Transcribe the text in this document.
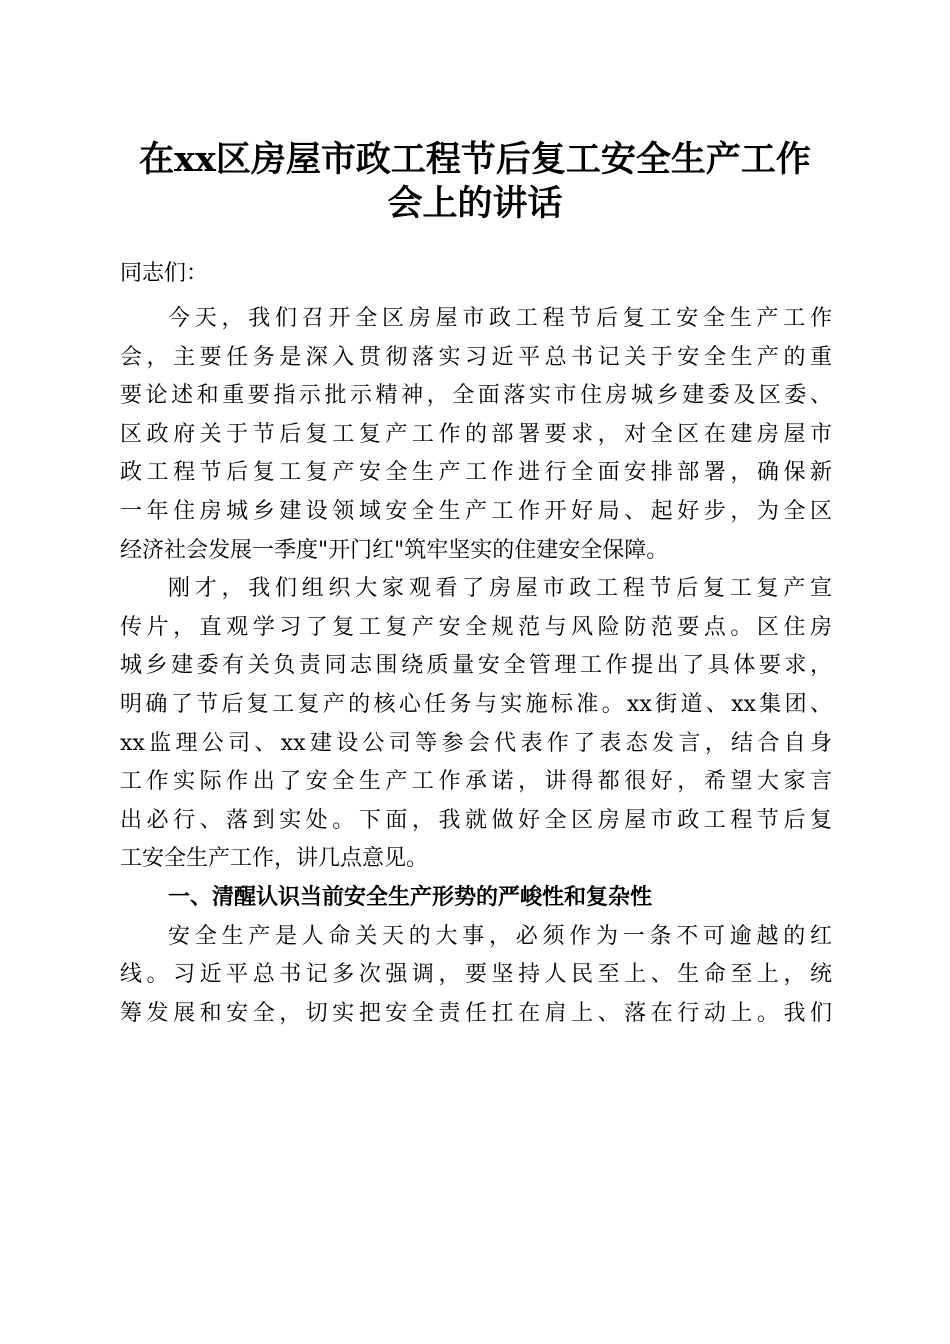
在xx区房屋市政工程节后复工安全生产工作
会上的讲话
同志们：
今天，我们召开全区房屋市政工程节后复工安全生产工作
会，主要任务是深入贯彻落实习近平总书记关于安全生产的重
要论述和重要指示批示精神，全面落实市住房城乡建委及区委、
区政府关于节后复工复产工作的部署要求，对全区在建房屋市
政工程节后复工复产安全生产工作进行全面安排部署，确保新
一年住房城乡建设领域安全生产工作开好局、起好步，为全区
经济社会发展一季度"开门红"筑牢坚实的住建安全保障。
刚才，我们组织大家观看了房屋市政工程节后复工复产宣
传片，直观学习了复工复产安全规范与风险防范要点。区住房
城乡建委有关负责同志围绕质量安全管理工作提出了具体要求，
明确了节后复工复产的核心任务与实施标准。xx街道、xx集团、
xx监理公司、xx建设公司等参会代表作了表态发言，结合自身
工作实际作出了安全生产工作承诺，讲得都很好，希望大家言
出必行、落到实处。下面，我就做好全区房屋市政工程节后复
工安全生产工作，讲几点意见。
一、清醒认识当前安全生产形势的严峻性和复杂性
安全生产是人命关天的大事，必须作为一条不可逾越的红
线。习近平总书记多次强调，要坚持人民至上、生命至上，统
筹发展和安全，切实把安全责任扛在肩上、落在行动上。我们
